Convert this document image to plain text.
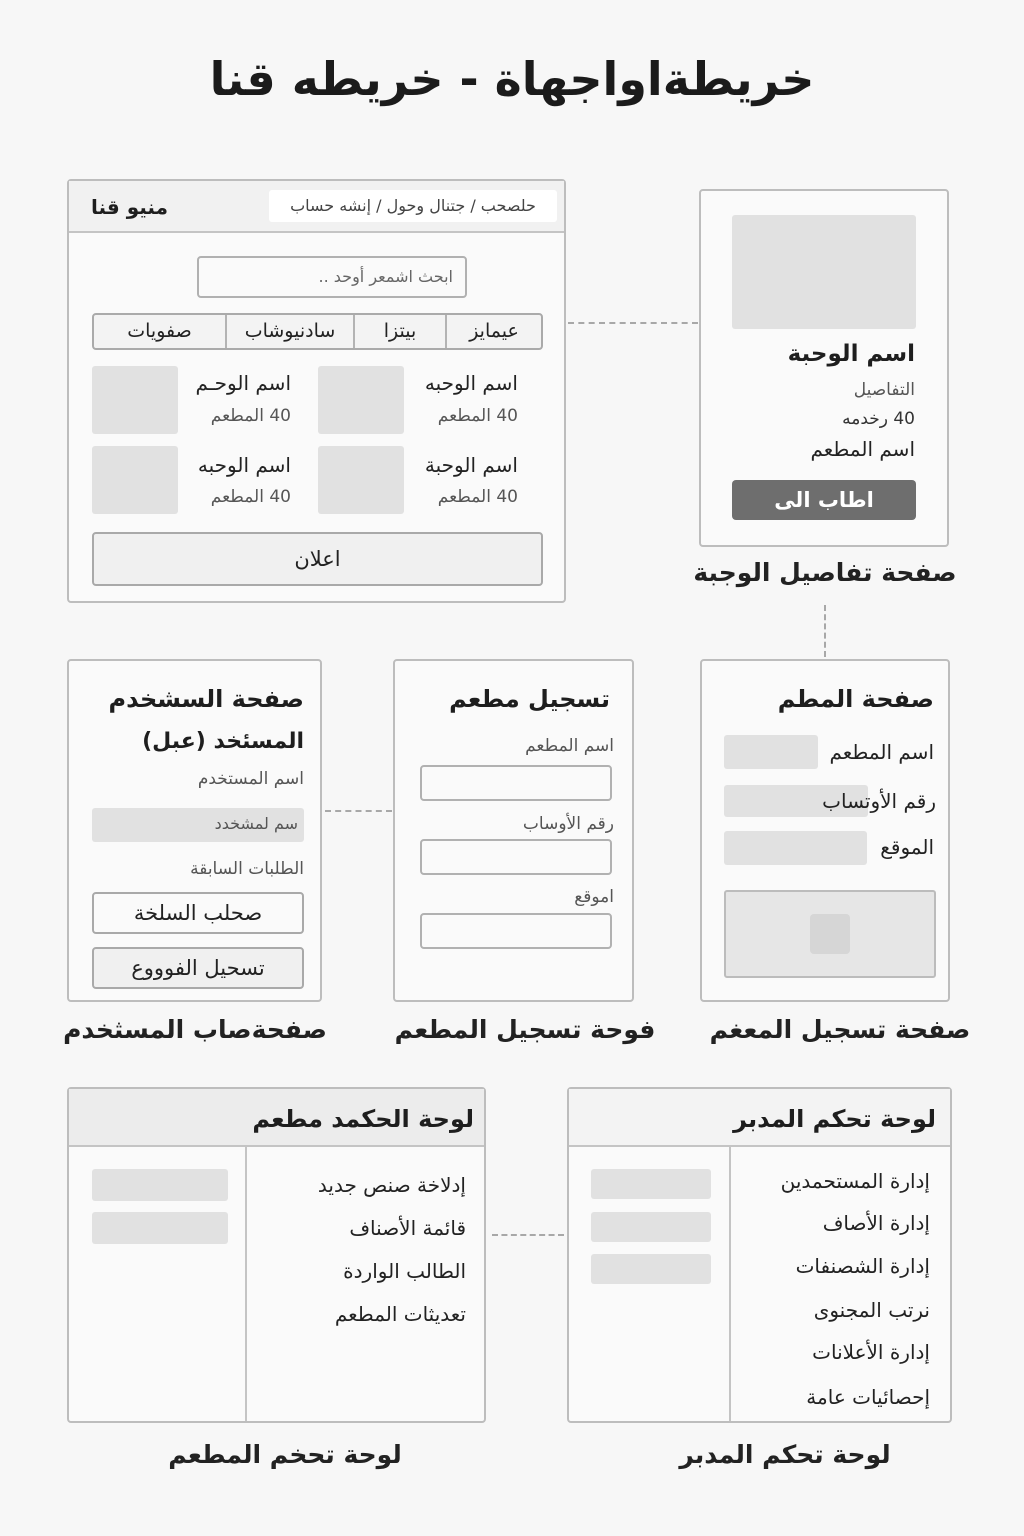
خريطةاواجهاة - خريطه قنا
منيو قنا	حلصحب / جتنال وحول / إنشه حساب
ابحث اشمعر أوحد ..
عيمايز
بيتزا
سادنيوشاب
صفويات
اسم الوحبه
40 المطعم
اسم الوحـم
40 المطعم
اسم الوحبة
40 المطعم
اسم الوحبه
40 المطعم
اعلان
اسم الوحبة
التفاصيل
40 رخدمه
اسم المطعم
اطاب الى
صفحة تفاصيل الوجبة
صفحة السشخدم
المسئخد (عبل)
اسم المستخدم
سم لمشخدد
الطلبات السابقة
صحلب السلخة
تسحيل الفوووع
صفحةصاب المسثخدم
تسجيل مطعم
اسم المطعم
رقم الأوساب
اموقع
فوحة تسجيل المطعم
صفحة المطم
اسم المطعم
رقم الأوتساب
الموقع
صفحة تسجيل المعغم
لوحة الحكمد مطعم
إدلاخة صنص جديد
قائمة الأصناف
الطالب الواردة
تعديثات المطعم
لوحة تحخم المطعم
لوحة تحكم المدبر
إدارة المستحمدين
إدارة الأصاف
إدارة الشصنفات
نرتب المجنوى
إدارة الأعلانات
إحصائيات عامة
لوحة تحكم المدبر
